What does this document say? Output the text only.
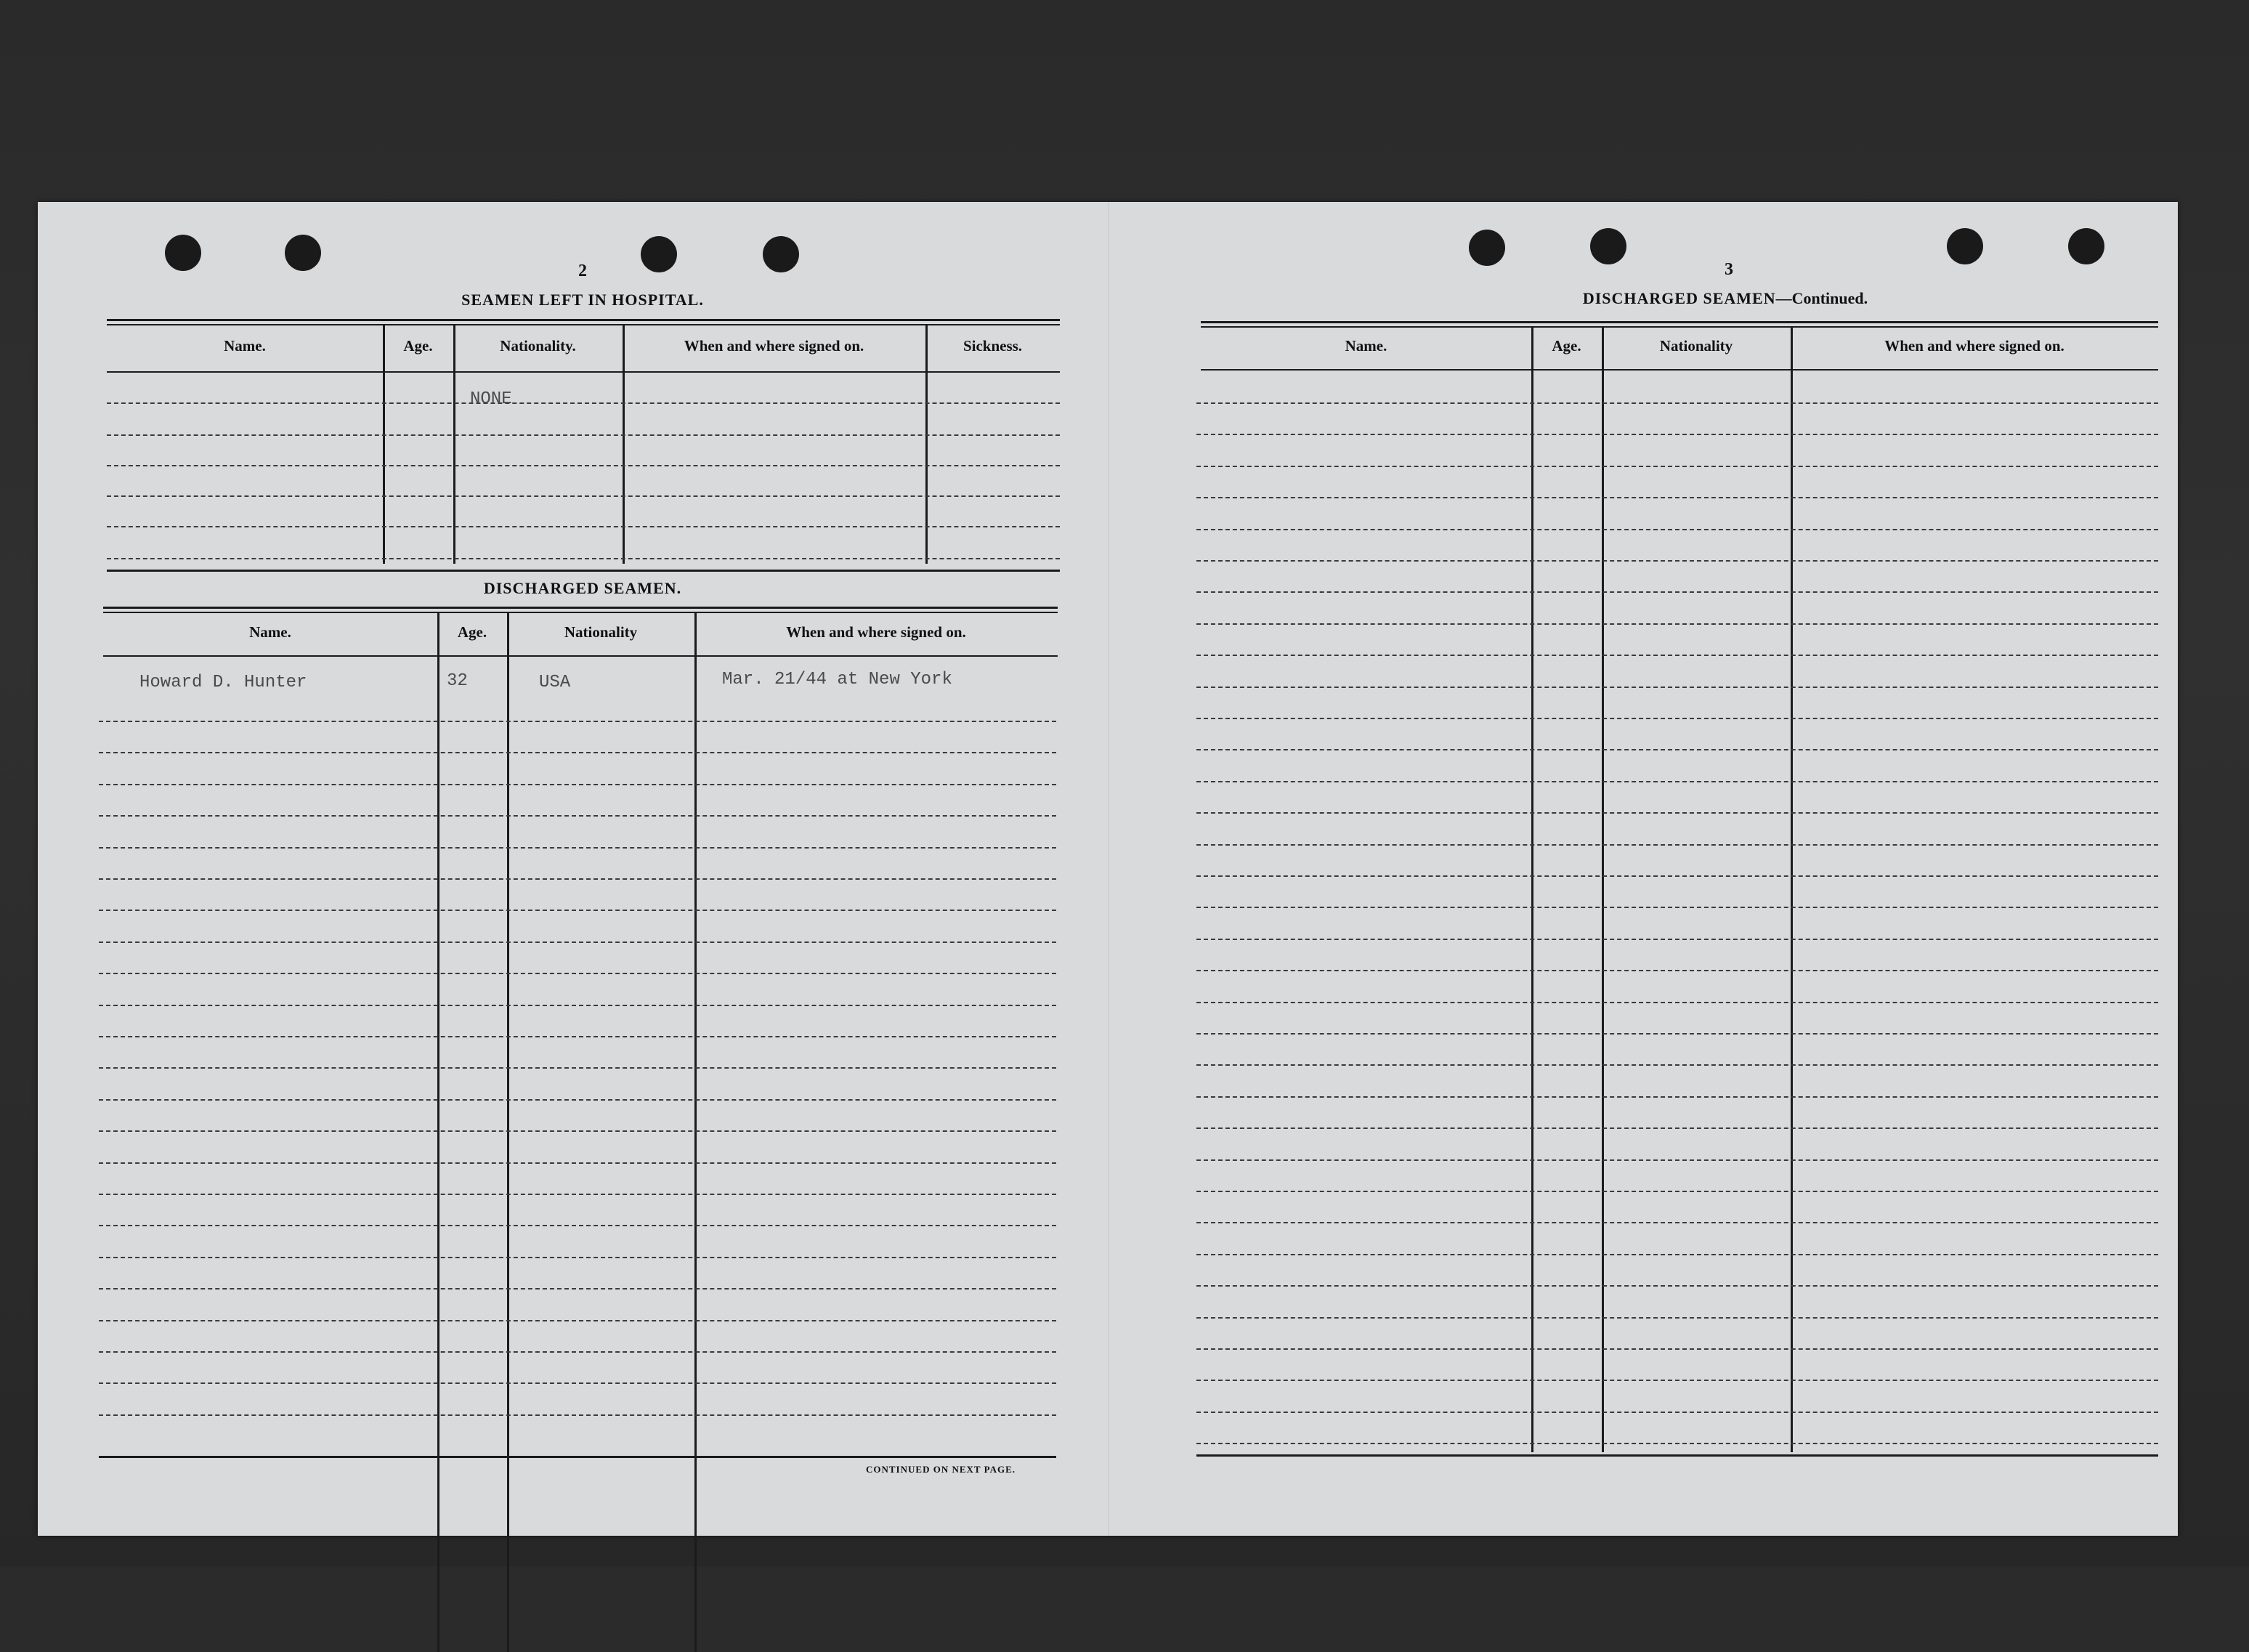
2
SEAMEN LEFT IN HOSPITAL.
Name.	Age.	Nationality.	When and where signed on.	Sickness.
NONE
DISCHARGED SEAMEN.
Name.	Age.	Nationality	When and where signed on.
Howard D. Hunter	32	USA	Mar. 21/44 at New York
CONTINUED ON NEXT PAGE.
3
DISCHARGED SEAMEN—Continued.
Name.	Age.	Nationality	When and where signed on.
